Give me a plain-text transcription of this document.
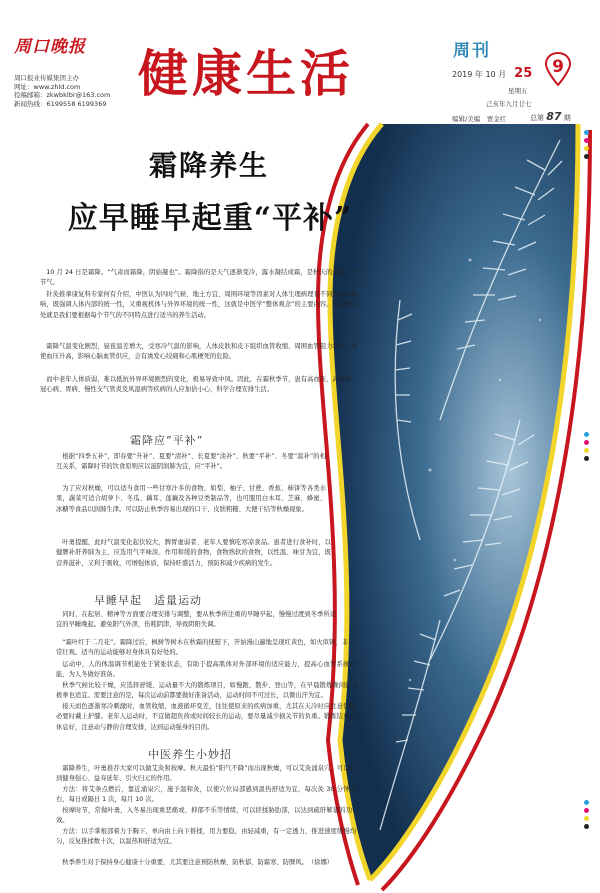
周口晚报
周口报业传媒集团主办
网址：www.zhld.com
投稿邮箱：zkwbklbr@163.com
新闻热线：6199558 6199369
健康生活	周刊
2019 年 10 月 25
星期五
己亥年九月廿七
编辑/美编　贾金红
9
总第 87 期
霜降养生
应早睡早起重“平补”
10 月 24 日是霜降。“气肃而霜降，阴始凝也”。霜降指的是天气逐渐变冷，露水凝结成霜，是秋天的最后一个节气。
针灸推拿康复科专家何有介绍，中医认为四时气候、地土方宜、周围环境等因素对人体生理病理有不同程度的影响，既强调人体内部的统一性，又重视机体与外界环境的统一性，这就是中医学“整体观念”的主要内容。应用到实处就是我们要根据每个节气的不同特点进行适当的养生活动。
霜降气温变化剧烈，昼夜温差增大，受寒冷气温的影响，人体皮肤和皮下组织血管收缩，周围血管阻力增大，促使血压升高，影响心脑血管供应，会有诱发心绞痛和心肌梗死的危险。
而中老年人体质弱，难以抵抗外界环境剧烈的变化，极易导致中风。因此，在霜秋季节，患有高血压、高血脂、冠心病、胃病、慢性支气管炎及风湿病等疾病的人应加倍小心，科学合理安排生活。
霜降应“平补”
根据“四季五补”，即春要“升补”、夏要“清补”、长夏要“淡补”、秋要“平补”、冬要“温补”的相互关系，霜降时节的饮食原则应以滋阴润肺为宜，应“平补”。
为了应对秋燥，可以适当食用一些甘寒汁多的食物，如梨、柚子、甘蔗、香蕉、柿饼等各类水果，蔬菜可适合胡萝卜、冬瓜、藕耳、莲藕及各种豆类制品等，也可服用白木耳、芝麻、蜂蜜、冰糖等食品以润肺生津。可以防止秋季容易出现的口干、皮肤粗糙、大便干结等秋燥现象。
叶勇提醒，此时气温变化起伏较大，脾胃虚弱者、老年人要慎吃寒凉食品。患者进行食补时，以健脾补肝养肺为主，应选用气平味淡、作用和缓的食物，食物熟软的食物，以性温、味甘为宜，既营养滋补，又利于吸收，可增强体质，保持旺盛活力，预防和减少疾病的发生。
早睡早起　适量运动
同时，在起居、精神等方面要合理安排与调整，要从秋季所注重的早睡早起，慢慢过渡到冬季所适宜的早睡晚起。避免阳气外泄，伤耗阴津，导致阴阳失调。
“霜叶红于二月花”。霜降过后，枫树等树木在秋霜的抚慰下，开始漫山遍地呈现红黄色，如火似锦，非常壮观。适当的运动能够对身体具有好处的。
运动中，人的体温调节机能处于紧张状态，有助于提高肌体对外部环境的适应能力，提高心血管系统功能，为人冬做好准备。
秋季气候比较干燥，应选择舒缓、运动量不大的锻炼项目，如慢跑、散步、登山等，在早晨锻炼晚间打太极拳也适宜。需要注意的是，每次运动前都要做好准备活动，运动时间不可过长，以微出汗为宜。
接天而色逐渐寒冷刺激时，血管收缩，血液循环变差，往往使原来的疾病加重，尤其在天冷时应注意保暖，必要时戴上护膝。老年人运动时，不宜做超负荷或时间较长的运动，要尽量减少损关节的负重。锻炼结束后应休息好，注意动与静的合理安排，达到运动强身的目的。
中医养生小妙招
霜降养生，叶勇推荐大家可以做艾灸和按摩。秋天最怕“阳气不降”而出现秋燥，可以艾灸涌泉穴，可以起到健身强心、益寿延年、引火归元的作用。
方法：将艾条点燃后，靠近涌泉穴，施予温和灸，以使穴位局部感到温热舒适为宜，每次灸 30 分钟左右，每日或隔日 1 次，每月 10 次。
按摩时节，常做叶勇，入冬易出现重恶痛或、抑郁不乐等情绪，可以搓揉胁肋部，以达到疏肝解郁的功效。
方法：以手掌根部着力于胸下，单向由上向下推揉，用力要稳，由轻减重，有一定透力，推进速度缓慢均匀，反复推揉数十次，以温热和舒适为宜。
秋季养生对于保持身心健康十分重要，尤其要注意预防秋燥、防秋郁、防霜寒、防脾风。　（徐娜）
